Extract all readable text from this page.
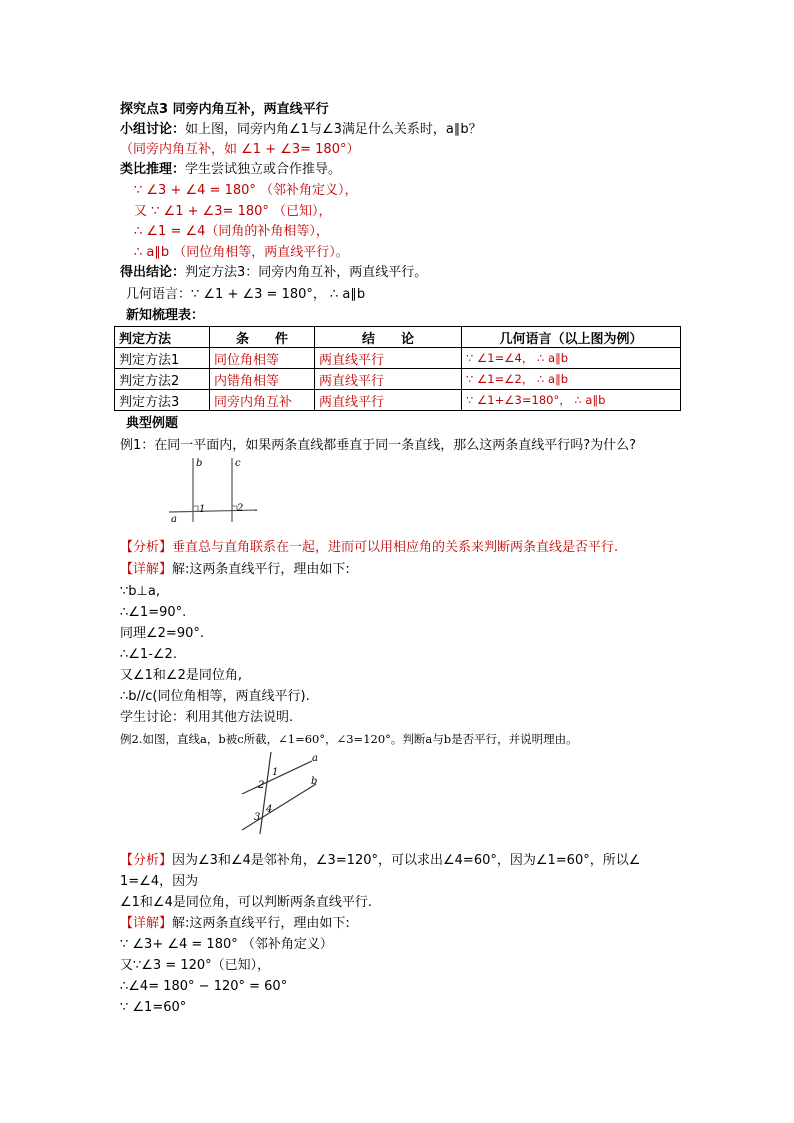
探究点3 同旁内角互补，两直线平行
小组讨论：如上图，同旁内角∠1与∠3满足什么关系时，a∥b？
（同旁内角互补，如 ∠1 + ∠3= 180°）
类比推理：学生尝试独立或合作推导。
∵ ∠3 + ∠4 = 180° （邻补角定义），
又 ∵ ∠1 + ∠3= 180° （已知），
∴ ∠1 = ∠4（同角的补角相等），
∴ a∥b （同位角相等，两直线平行）。
得出结论：判定方法3：同旁内角互补，两直线平行。
几何语言：∵ ∠1 + ∠3 = 180°， ∴ a∥b
新知梳理表：
判定方法	条　　件	结　　论	几何语言（以上图为例）
判定方法1	同位角相等	两直线平行	∵ ∠1=∠4， ∴ a∥b
判定方法2	内错角相等	两直线平行	∵ ∠1=∠2， ∴ a∥b
判定方法3	同旁内角互补	两直线平行	∵ ∠1+∠3=180°， ∴ a∥b
典型例题
例1：在同一平面内，如果两条直线都垂直于同一条直线，那么这两条直线平行吗?为什么?
b	c
a
1	2
【分析】垂直总与直角联系在一起，进而可以用相应角的关系来判断两条直线是否平行.
【详解】解:这两条直线平行，理由如下:
∵b⊥a,
∴∠1=90°.
同理∠2=90°.
∴∠1-∠2.
又∠1和∠2是同位角,
∴b//c(同位角相等，两直线平行).
学生讨论：利用其他方法说明.
例2.如图，直线a，b被c所截，∠1=60°，∠3=120°。判断a与b是否平行，并说明理由。
a
b
1
2
3
4
【分析】因为∠3和∠4是邻补角，∠3=120°，可以求出∠4=60°，因为∠1=60°，所以∠
1=∠4，因为
∠1和∠4是同位角，可以判断两条直线平行.
【详解】解:这两条直线平行，理由如下:
∵ ∠3+ ∠4 = 180° （邻补角定义）
又∵∠3 = 120°（已知），
∴∠4= 180° − 120° = 60°
∵ ∠1=60°
